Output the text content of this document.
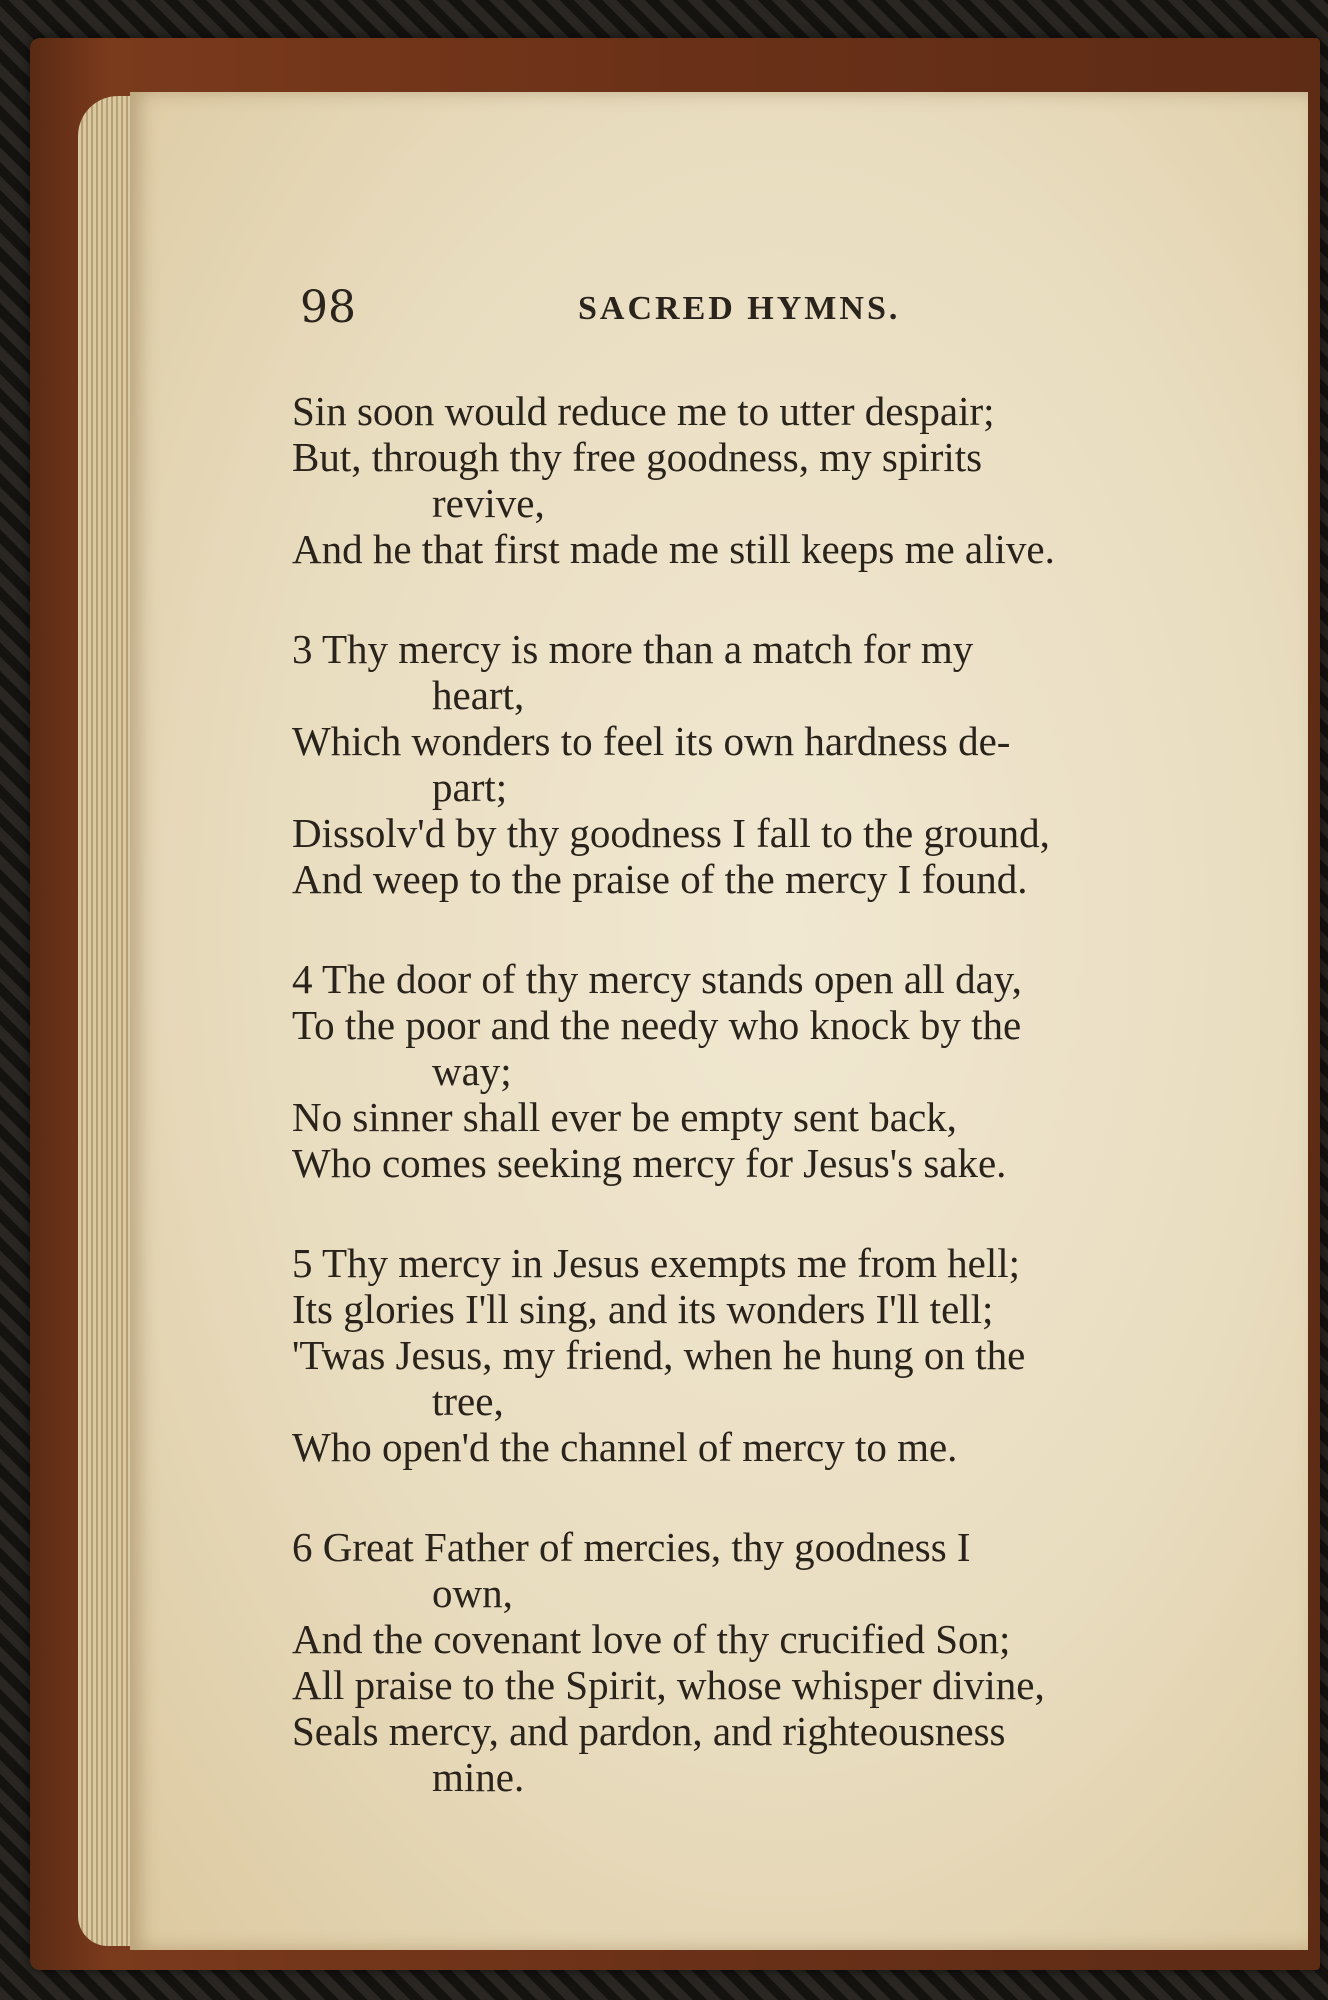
98	SACRED HYMNS.
Sin soon would reduce me to utter despair;
But, through thy free goodness, my spirits
revive,
And he that first made me still keeps me alive.
3 Thy mercy is more than a match for my
heart,
Which wonders to feel its own hardness de-
part;
Dissolv'd by thy goodness I fall to the ground,
And weep to the praise of the mercy I found.
4 The door of thy mercy stands open all day,
To the poor and the needy who knock by the
way;
No sinner shall ever be empty sent back,
Who comes seeking mercy for Jesus's sake.
5 Thy mercy in Jesus exempts me from hell;
Its glories I'll sing, and its wonders I'll tell;
'Twas Jesus, my friend, when he hung on the
tree,
Who open'd the channel of mercy to me.
6 Great Father of mercies, thy goodness I
own,
And the covenant love of thy crucified Son;
All praise to the Spirit, whose whisper divine,
Seals mercy, and pardon, and righteousness
mine.
